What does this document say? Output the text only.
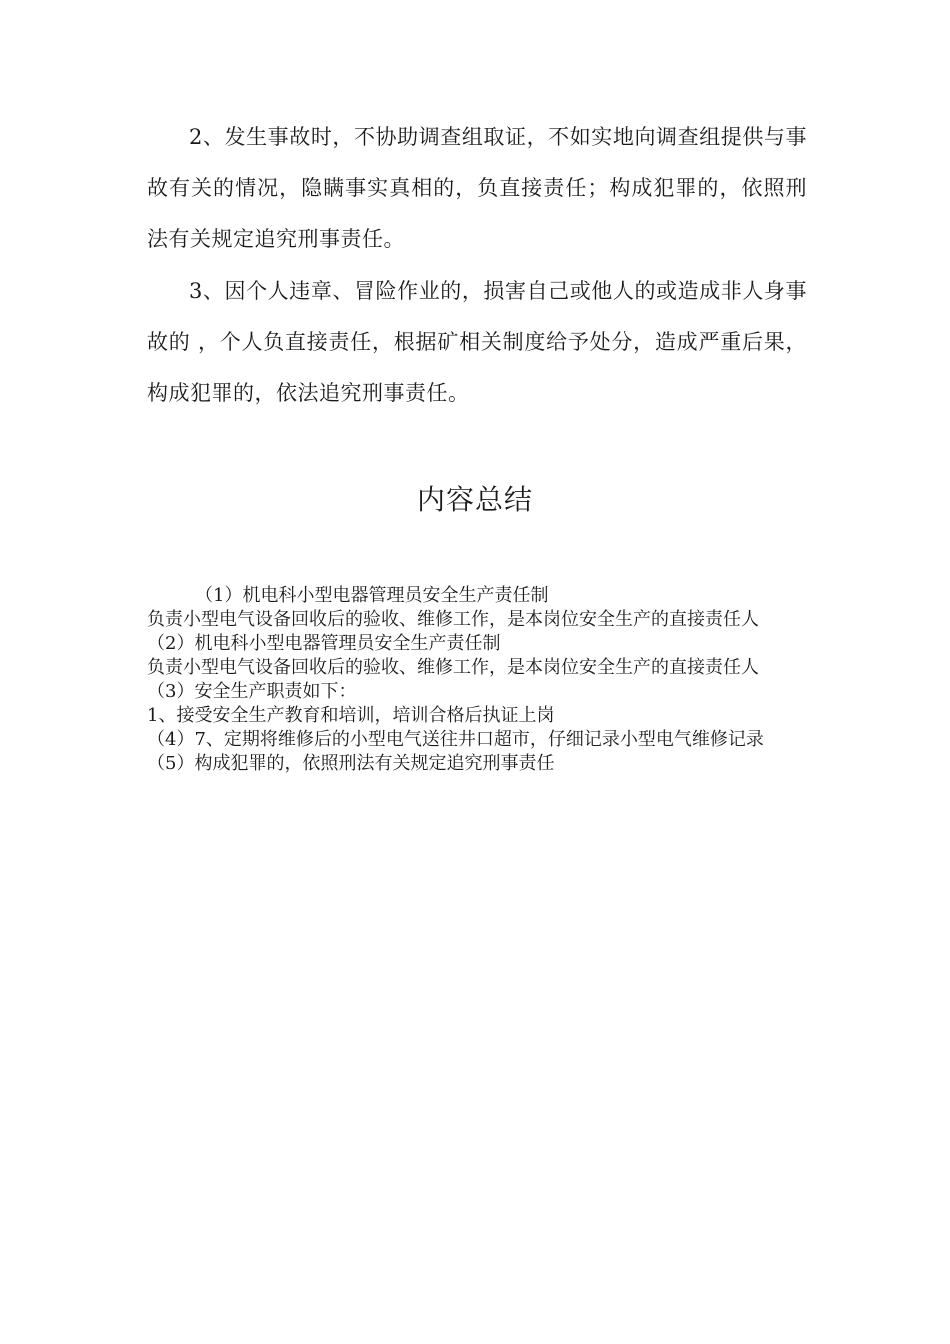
2、发生事故时，不协助调查组取证，不如实地向调查组提供与事故有关的情况，隐瞒事实真相的，负直接责任；构成犯罪的，依照刑法有关规定追究刑事责任。

3、因个人违章、冒险作业的，损害自己或他人的或造成非人身事故的 ，个人负直接责任，根据矿相关制度给予处分，造成严重后果，构成犯罪的，依法追究刑事责任。

内容总结
（1）机电科小型电器管理员安全生产责任制
负责小型电气设备回收后的验收、维修工作，是本岗位安全生产的直接责任人
（2）机电科小型电器管理员安全生产责任制
负责小型电气设备回收后的验收、维修工作，是本岗位安全生产的直接责任人
（3）安全生产职责如下：
1、接受安全生产教育和培训，培训合格后执证上岗
（4）7、定期将维修后的小型电气送往井口超市，仔细记录小型电气维修记录
（5）构成犯罪的，依照刑法有关规定追究刑事责任
